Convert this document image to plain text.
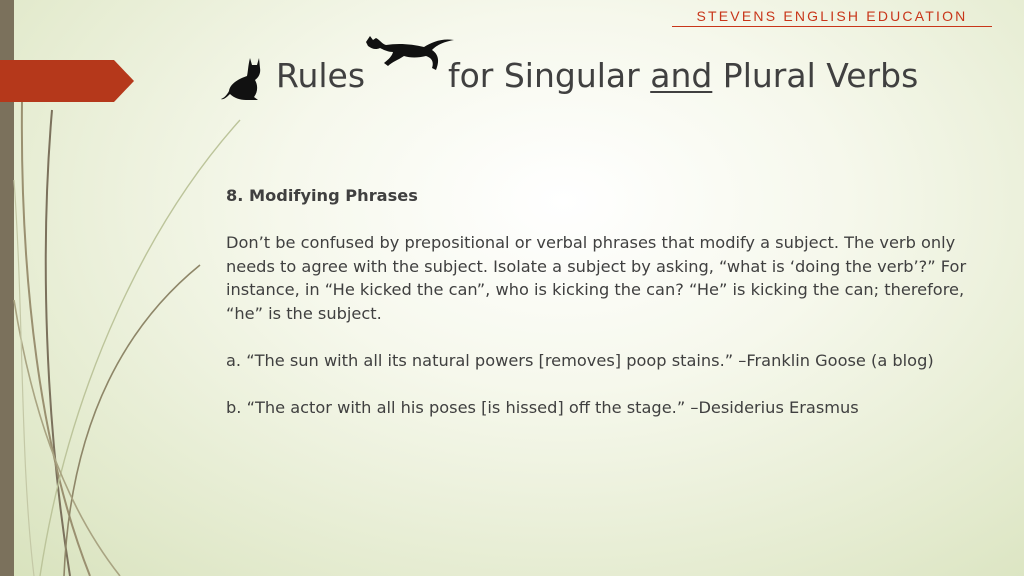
STEVENS ENGLISH EDUCATION
Rules	for Singular and Plural Verbs
8. Modifying Phrases

Don’t be confused by prepositional or verbal phrases that modify a subject. The verb only needs to agree with the subject. Isolate a subject by asking, “what is ‘doing the verb’?” For instance, in “He kicked the can”, who is kicking the can? “He” is kicking the can; therefore, “he” is the subject.

a. “The sun with all its natural powers [removes] poop stains.” –Franklin Goose (a blog)

b. “The actor with all his poses [is hissed] off the stage.” –Desiderius Erasmus
